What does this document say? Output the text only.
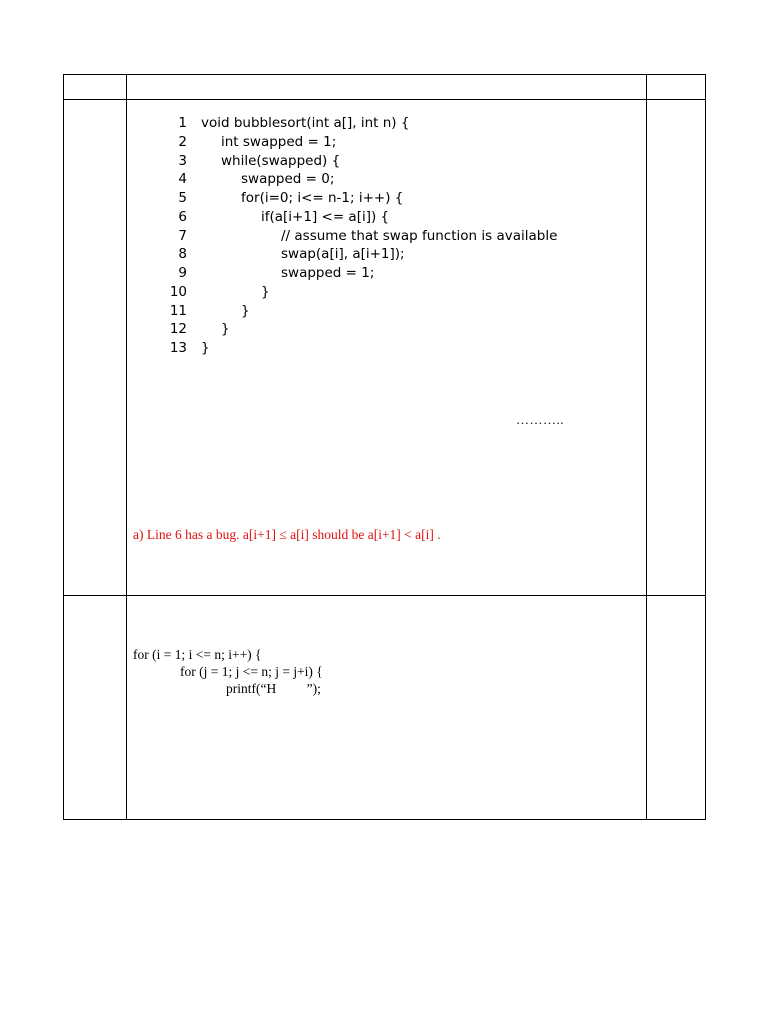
1 void bubblesort(int a[], int n) {
2	int swapped = 1;
3	while(swapped) {
4	swapped = 0;
5	for(i=0; i<= n-1; i++) {
6	if(a[i+1] <= a[i]) {
7	// assume that swap function is available
8	swap(a[i], a[i+1]);
9	swapped = 1;
10	}
11	}
12	}
13 }
………..
a) Line 6 has a bug. a[i+1] ≤ a[i] should be a[i+1] < a[i] .
for (i = 1; i <= n; i++) {
for (j = 1; j <= n; j = j+i) {
printf(“H         ”);
